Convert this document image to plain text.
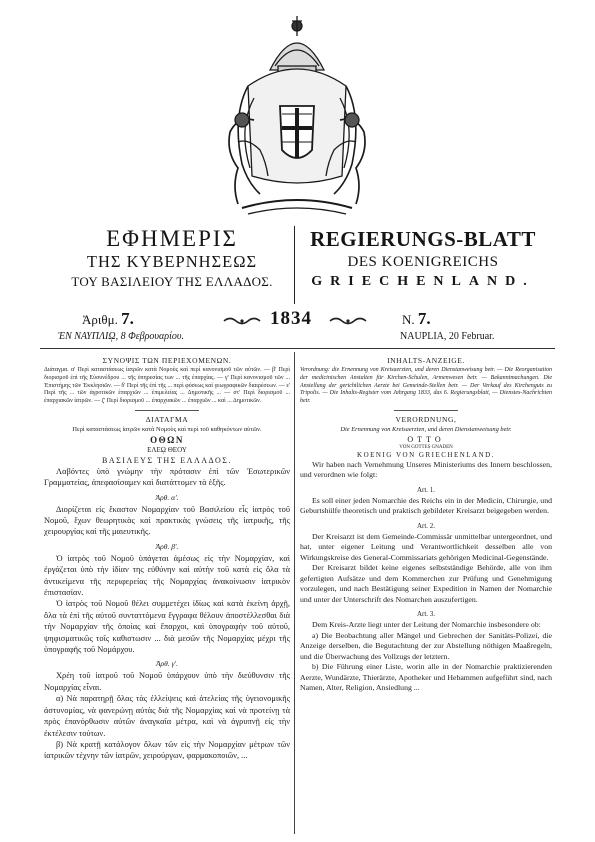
ΕΦΗΜΕΡΙΣ
ΤΗΣ ΚΥΒΕΡΝΗΣΕΩΣ
ΤΟΥ ΒΑΣΙΛΕΙΟΥ ΤΗΣ ΕΛΛΑΔΟΣ.
REGIERUNGS-BLATT
DES KOENIGREICHS
GRIECHENLAND.
Ἀριθμ. 7.	1834	N. 7.
ἘΝ ΝΑΥΠΛΙῼ, 8 Φεβρουαρίου.	NAUPLIA, 20 Februar.
ΣΥΝΟΨΙΣ ΤΩΝ ΠΕΡΙΕΧΟΜΕΝΩΝ.

Διάταγμα. α' Περὶ καταστάσεως ἰατρῶν κατὰ Νομοὺς καὶ περὶ κανονισμοῦ τῶν αὐτῶν. — β' Περὶ διορισμοῦ ἐπὶ τῆς Εὐσυνέδρου ... τῆς ὑπηρεσίας των ... τῆς ἐπαρχίας. — γ' Περὶ κανονισμοῦ τῶν ... Ἐπιστήμης τῶν Ἐκκλησιῶν. — δ' Περὶ τῆς ἐπὶ τῆς ... περὶ φύσεως καὶ γεωγραφικῶν διαιρέσεων. — ε' Περὶ τῆς ... τῶν ἀγροτικῶν ἐπαρχιῶν ... ἐπιμελείας ... Δημοτικῆς ... — στ' Περὶ διορισμοῦ ... ἐπαρχιακῶν ἰατρῶν. — ζ' Περὶ διορισμοῦ ... ἐπαρχιακῶν ... ἐπαρχιῶν ... καὶ ... Δημοτικῶν.

ΔΙΑΤΑΓΜΑ
Περὶ καταστάσεως ἰατρῶν κατὰ Νομοὺς καὶ περὶ τοῦ καθηκόντων αὐτῶν.
ΟΘΩΝ
ΕΛΕῼ ΘΕΟΥ
ΒΑΣΙΛΕΥΣ ΤΗΣ ΕΛΛΑΔΟΣ.

Λαβόντες ὑπὸ γνώμην τὴν πρότασιν ἐπὶ τῶν Ἐσωτερικῶν Γραμματείας, ἀπεφασίσαμεν καὶ διατάττομεν τὰ ἑξῆς.

Ἀρθ. α'.

Διορίζεται εἰς ἕκαστον Νομαρχίαν τοῦ Βασιλείου εἷς ἰατρὸς τοῦ Νομοῦ, ἔχων θεωρητικὰς καὶ πρακτικὰς γνώσεις τῆς ἰατρικῆς, τῆς χειρουργίας καὶ τῆς μαιευτικῆς.

Ἀρθ. β'.

Ὁ ἰατρὸς τοῦ Νομοῦ ὑπάγεται ἀμέσως εἰς τὴν Νομαρχίαν, καὶ ἐργάζεται ὑπὸ τὴν ἰδίαν της εὐθύνην καὶ αὐτὴν τοῦ κατὰ εἰς ὅλα τὰ ἀντικείμενα τῆς περιφερείας τῆς Νομαρχίας ἀνακοίνωσιν ἰατρικὸν ἐπιστασίαν.

Ὁ ἰατρὸς τοῦ Νομοῦ θέλει συμμετέχει ἰδίως καὶ κατὰ ἐκείνη ἀρχῇ, ὅλα τὰ ἐπὶ τῆς αὐτοῦ συνταττόμενα ἔγγραφα θέλουν ἀποστέλλεσθαι διὰ τὴν Νομαρχίαν τῆς ὁποίας καὶ ἔπαρχοι, καὶ ὑπογραφὴν τοῦ αὐτοῦ, ψηφισματικῶς τοῖς καθιστωσιν ... διὰ μεσῶν τῆς Νομαρχίας μέχρι τῆς ὑπογραφῆς τοῦ Νομάρχου.

Ἀρθ. γ'.

Χρέη τοῦ ἰατροῦ τοῦ Νομοῦ ὑπάρχουν ὑπὸ τὴν διεύθυνσιν τῆς Νομαρχίας εἶναι.

α) Νὰ παρατηρῇ ὅλας τὰς ἐλλείψεις καὶ ἀτελείας τῆς ὑγειονομικῆς ἀστυνομίας, νὰ φανερώνῃ αὐτὰς διὰ τῆς Νομαρχίας καὶ νὰ προτείνῃ τὰ πρὸς ἐπανόρθωσιν αὐτῶν ἀναγκαῖα μέτρα, καὶ νὰ ἀγρυπνῇ εἰς τὴν ἐκτέλεσιν τούτων.

β) Νὰ κρατῇ κατάλογον ὅλων τῶν εἰς τὴν Νομαρχίαν μέτρων τῶν ἰατρικῶν τέχνην τῶν ἰατρῶν, χειρούργων, φαρμακοποιῶν, ...

INHALTS-ANZEIGE.

Verordnung: die Ernennung von Kreisaerzten, und deren Dienstanweisung betr. — Die Reorganisation der medicinischen Anstalten für Kirchen-Schulen, Armenwesen betr. — Bekanntmachungen. Die Anstellung der gerichtlichen Aerzte bei Gemeinde-Stellen betr. — Der Verkauf des Kirchenguts zu Tripolis. — Die Inhalts-Register vom Jahrgang 1833, das 6. Regierungsblatt, — Dienstes-Nachrichten betr.

VERORDNUNG,
Die Ernennung von Kreisaerzten, und deren Dienstanweisung betr.
OTTO
VON GOTTES GNADEN
KOENIG VON GRIECHENLAND.

Wir haben nach Vernehmung Unseres Ministeriums des Innern beschlossen, und verordnen wie folgt:

Art. 1.

Es soll einer jeden Nomarchie des Reichs ein in der Medicin, Chirurgie, und Geburtshülfe theoretisch und praktisch gebildeter Kreisarzt beigegeben werden.

Art. 2.

Der Kreisarzt ist dem Gemeinde-Commissär unmittelbar untergeordnet, und hat, unter eigener Leitung und Verantwortlichkeit desselben alle von Wirkungskreise des General-Commissariats gehörigen Medicinal-Gegenstände.

Der Kreisarzt bildet keine eigenes selbstständige Behörde, alle von ihm gefertigten Aufsätze und dem Kommerchen zur Prüfung und Genehmigung vorzulegen, und nach Bestätigung seiner Expedition in Namen der Nomarchie und unter der Unterschrift des Nomarchen auszufertigen.

Art. 3.

Dem Kreis-Arzte liegt unter der Leitung der Nomarchie insbesondere ob:

a) Die Beobachtung aller Mängel und Gebrechen der Sanitäts-Polizei, die Anzeige derselben, die Begutachtung der zur Abstellung nöthigen Maaßregeln, und die Überwachung des Vollzugs der letztern.

b) Die Führung einer Liste, worin alle in der Nomarchie praktizierenden Aerzte, Wundärzte, Thierärzte, Apotheker und Hebammen aufgeführt sind, nach Namen, Alter, Religion, Ansiedlung ...
